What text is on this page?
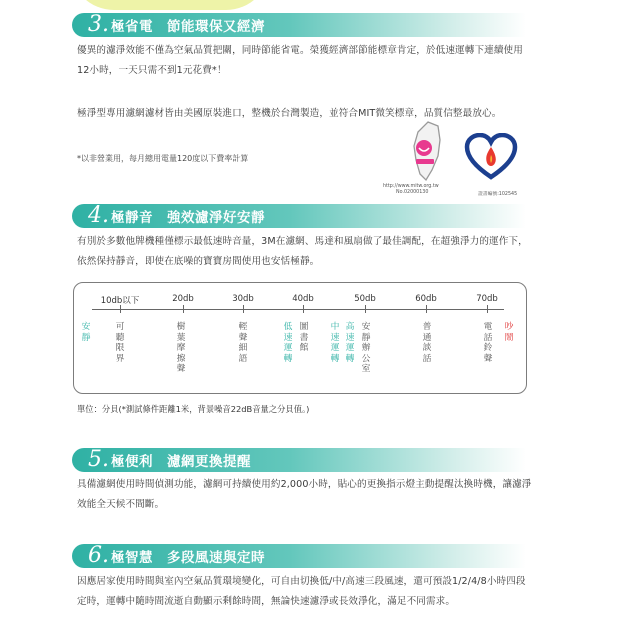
3. 極省電　節能環保又經濟

優異的濾淨效能不僅為空氣品質把關，同時節能省電。榮獲經濟部節能標章肯定，於低速運轉下連續使用12小時，一天只需不到1元花費*！

極淨型專用濾網濾材皆由美國原裝進口，整機於台灣製造，並符合MIT微笑標章，品質信整最放心。

*以非營業用，每月總用電量120度以下費率計算
http://www.mitw.org.tw
No.02000130	證書編號:102545
4. 極靜音　強效濾淨好安靜

有別於多數他牌機種僅標示最低速時音量，3M在濾網、馬達和風扇做了最佳調配，在超強淨力的運作下，依然保持靜音，即使在底噪的寶寶房間使用也安恬極靜。

10db以下	20db	30db	40db	50db	60db	70db
安靜
可聽限界
樹葉摩擦聲
輕聲細語
低速運轉
圖書館
中速運轉
高速運轉
安靜辦公室
普通談話
電話鈴聲
吵鬧
單位：分貝(*測試條件距離1米，背景噪音22dB音量之分貝值。)
5. 極便利　濾網更換提醒

具備濾網使用時間偵測功能，濾網可持續使用約2,000小時，貼心的更換指示燈主動提醒汰換時機，讓濾淨效能全天候不間斷。

6. 極智慧　多段風速與定時

因應居家使用時間與室內空氣品質環境變化，可自由切換低/中/高速三段風速，還可預設1/2/4/8小時四段定時，運轉中隨時間流逝自動顯示剩餘時間，無論快速濾淨或長效淨化，滿足不同需求。
